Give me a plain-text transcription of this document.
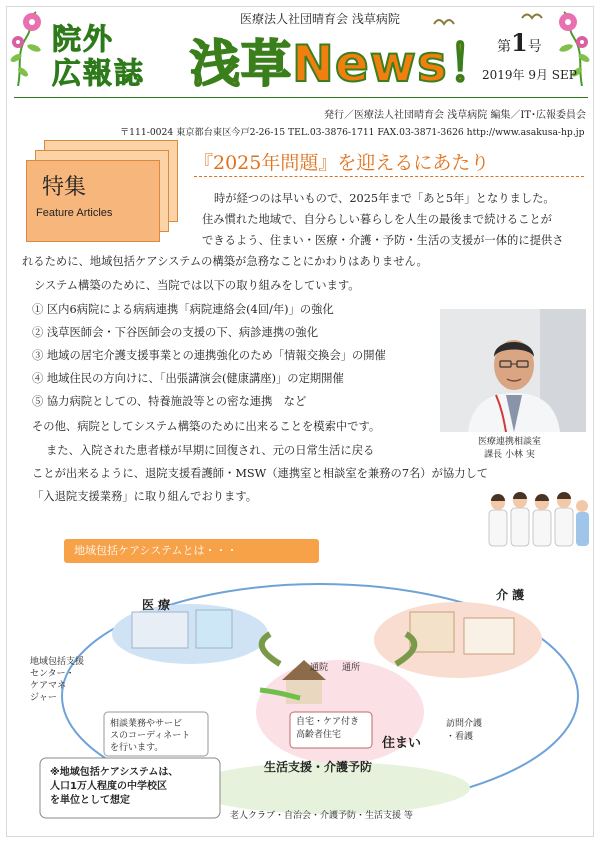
院外
広報誌
医療法人社団晴育会 浅草病院
浅草News！
第1号
2019年 9月 SEP
発行／医療法人社団晴育会 浅草病院 編集／IT･広報委員会
〒111-0024 東京都台東区今戸2-26-15 TEL.03-3876-1711 FAX.03-3871-3626 http://www.asakusa-hp.jp
特集
Feature Articles
『2025年問題』を迎えるにあたり
時が経つのは早いもので、2025年まで「あと5年」となりました。
住み慣れた地域で、自分らしい暮らしを人生の最後まで続けることが
できるよう、住まい・医療・介護・予防・生活の支援が一体的に提供さ
れるために、地域包括ケアシステムの構築が急務なことにかわりはありません。
システム構築のために、当院では以下の取り組みをしています。
① 区内6病院による病病連携「病院連絡会(4回/年)」の強化
② 浅草医師会・下谷医師会の支援の下、病診連携の強化
③ 地域の居宅介護支援事業との連携強化のため「情報交換会」の開催
④ 地域住民の方向けに、「出張講演会(健康講座)」の定期開催
⑤ 協力病院としての、特養施設等との密な連携　など
その他、病院としてシステム構築のために出来ることを模索中です。
また、入院された患者様が早期に回復され、元の日常生活に戻る
ことが出来るように、退院支援看護師・MSW（連携室と相談室を兼務の7名）が協力して
「入退院支援業務」に取り組んでおります。
医療連携相談室
課長 小林 実
地域包括ケアシステムとは・・・
医 療
介 護
地域包括支援
センター・
ケアマネ
ジャー
相談業務やサービ
スのコーディネート
を行います。
通院 通所
自宅・ケア付き
高齢者住宅
住まい
訪問介護
・看護
生活支援・介護予防
老人クラブ・自治会・介護予防・生活支援 等
※地域包括ケアシステムは、
人口1万人程度の中学校区
を単位として想定
